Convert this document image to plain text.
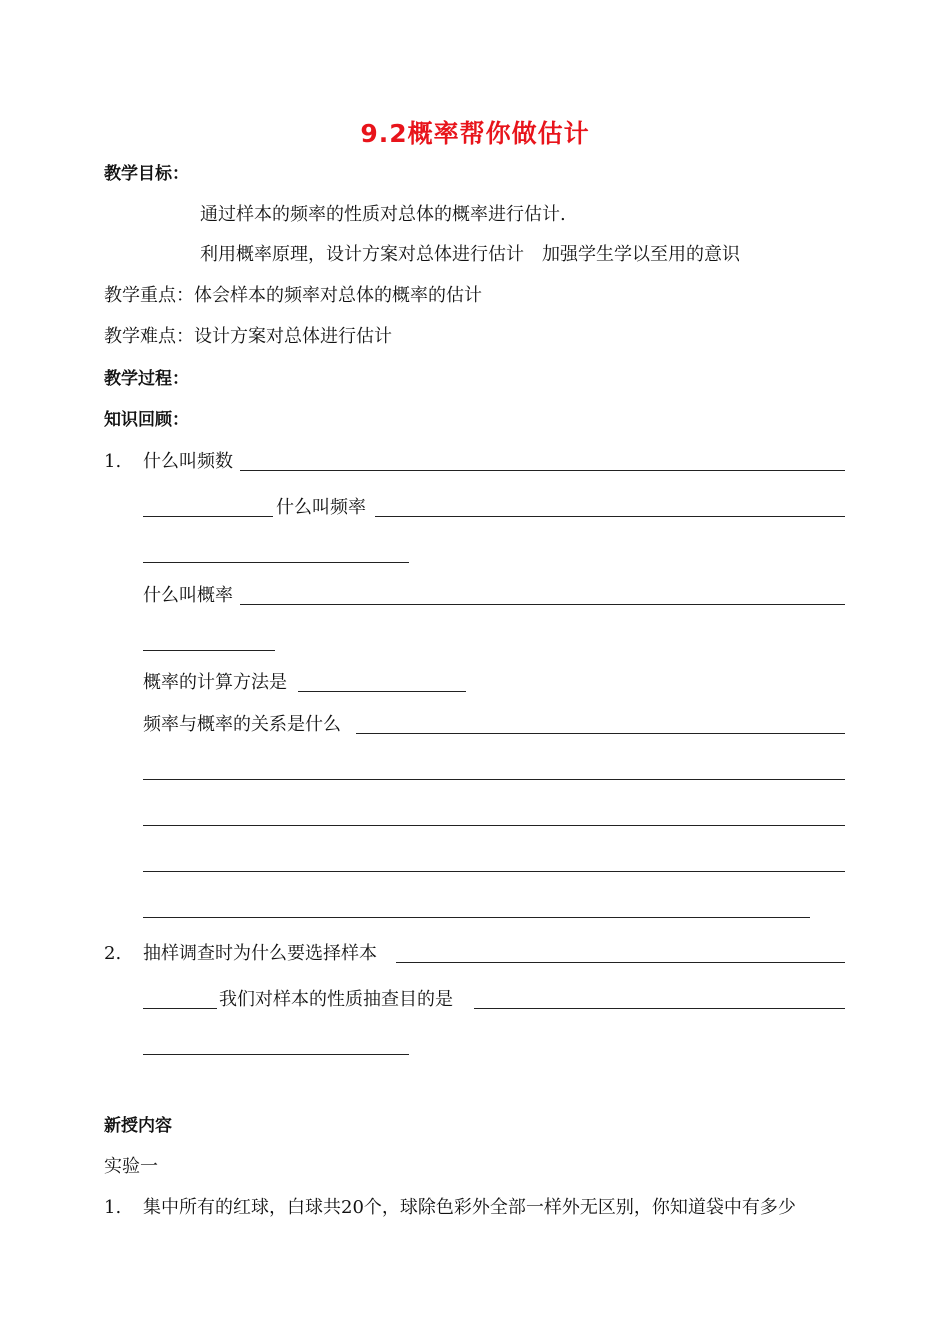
9.2概率帮你做估计
教学目标：
通过样本的频率的性质对总体的概率进行估计.
利用概率原理，设计方案对总体进行估计　加强学生学以至用的意识
教学重点：体会样本的频率对总体的概率的估计
教学难点：设计方案对总体进行估计
教学过程：
知识回顾：
1. 什么叫频数
什么叫频率
什么叫概率
概率的计算方法是
频率与概率的关系是什么
2. 抽样调查时为什么要选择样本
我们对样本的性质抽查目的是
新授内容
实验一
1. 集中所有的红球，白球共20个，球除色彩外全部一样外无区别，你知道袋中有多少
